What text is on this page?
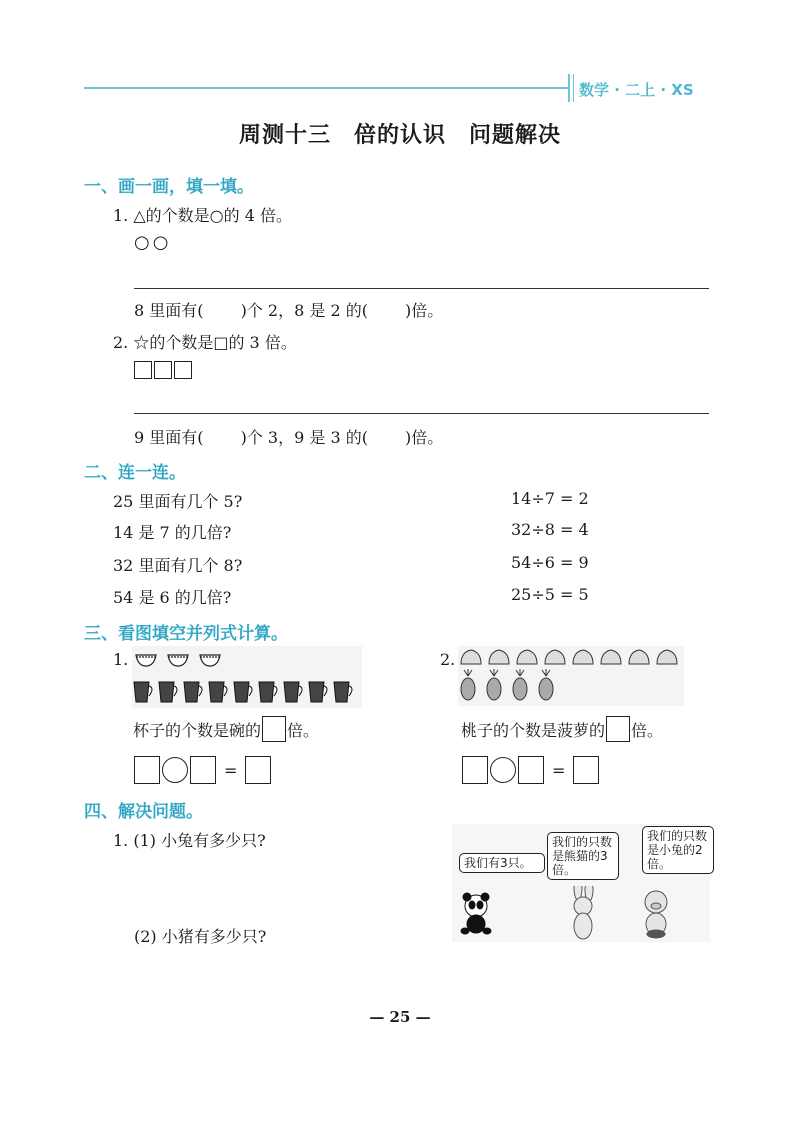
数学 · 二上 · XS
周测十三　倍的认识　问题解决
一、画一画，填一填。
1. △的个数是○的 4 倍。
○○
8 里面有(　　 )个 2，8 是 2 的(　　 )倍。
2. ☆的个数是□的 3 倍。
9 里面有(　　 )个 3，9 是 3 的(　　 )倍。
二、连一连。
25 里面有几个 5?
14 是 7 的几倍?
32 里面有几个 8?
54 是 6 的几倍?
14÷7 = 2
32÷8 = 4
54÷6 = 9
25÷5 = 5
三、看图填空并列式计算。
1.
杯子的个数是碗的 倍。
=
2.
桃子的个数是菠萝的 倍。
=
四、解决问题。
1. (1) 小兔有多少只?
(2) 小猪有多少只?
我们有3只。
我们的只数是熊猫的3倍。
我们的只数是小兔的2倍。
— 25 —
